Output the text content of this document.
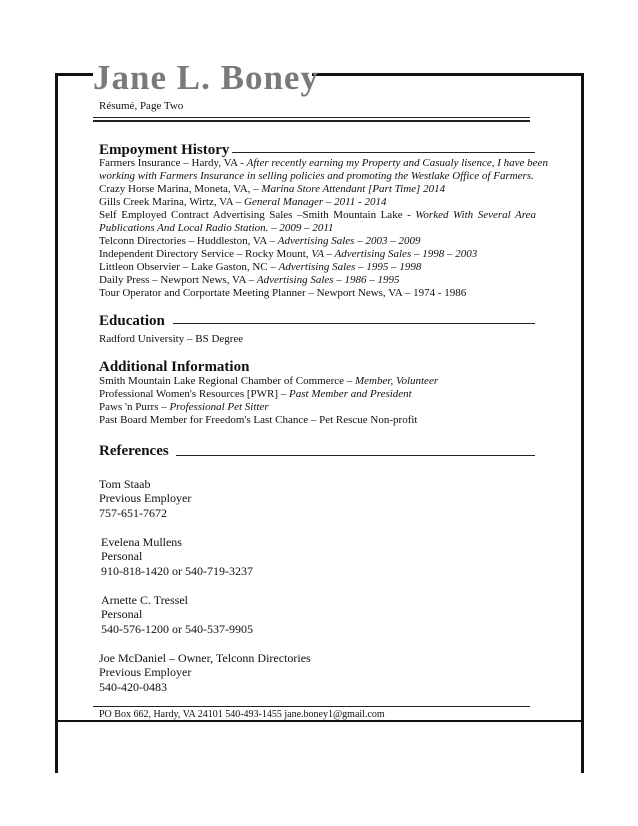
Jane L. Boney
Résumé, Page Two
Empoyment History
Farmers Insurance – Hardy, VA - After recently earning my Property and Casualy lisence, I have been
working with Farmers Insurance in selling policies and promoting the Westlake Office of Farmers.
Crazy Horse Marina, Moneta, VA, – Marina Store Attendant [Part Time] 2014
Gills Creek Marina, Wirtz, VA – General Manager – 2011 - 2014
Self Employed Contract Advertising Sales –Smith Mountain Lake - Worked With Several Area
Publications And Local Radio Station. – 2009 – 2011
Telconn Directories – Huddleston, VA – Advertising Sales – 2003 – 2009
Independent Directory Service – Rocky Mount, VA – Advertising Sales – 1998 – 2003
Littleon Observier – Lake Gaston, NC – Advertising Sales – 1995 – 1998
Daily Press – Newport News, VA – Advertising Sales – 1986 – 1995
Tour Operator and Corportate Meeting Planner – Newport News, VA – 1974 - 1986
Education
Radford University – BS Degree
Additional Information
Smith Mountain Lake Regional Chamber of Commerce – Member, Volunteer
Professional Women's Resources [PWR] – Past Member and President
Paws 'n Purrs – Professional Pet Sitter
Past Board Member for Freedom's Last Chance – Pet Rescue Non-profit
References
Tom Staab
Previous Employer
757-651-7672
Evelena Mullens
Personal
910-818-1420 or 540-719-3237
Arnette C. Tressel
Personal
540-576-1200 or 540-537-9905
Joe McDaniel – Owner, Telconn Directories
Previous Employer
540-420-0483
PO Box 662, Hardy, VA 24101 540-493-1455 jane.boney1@gmail.com
